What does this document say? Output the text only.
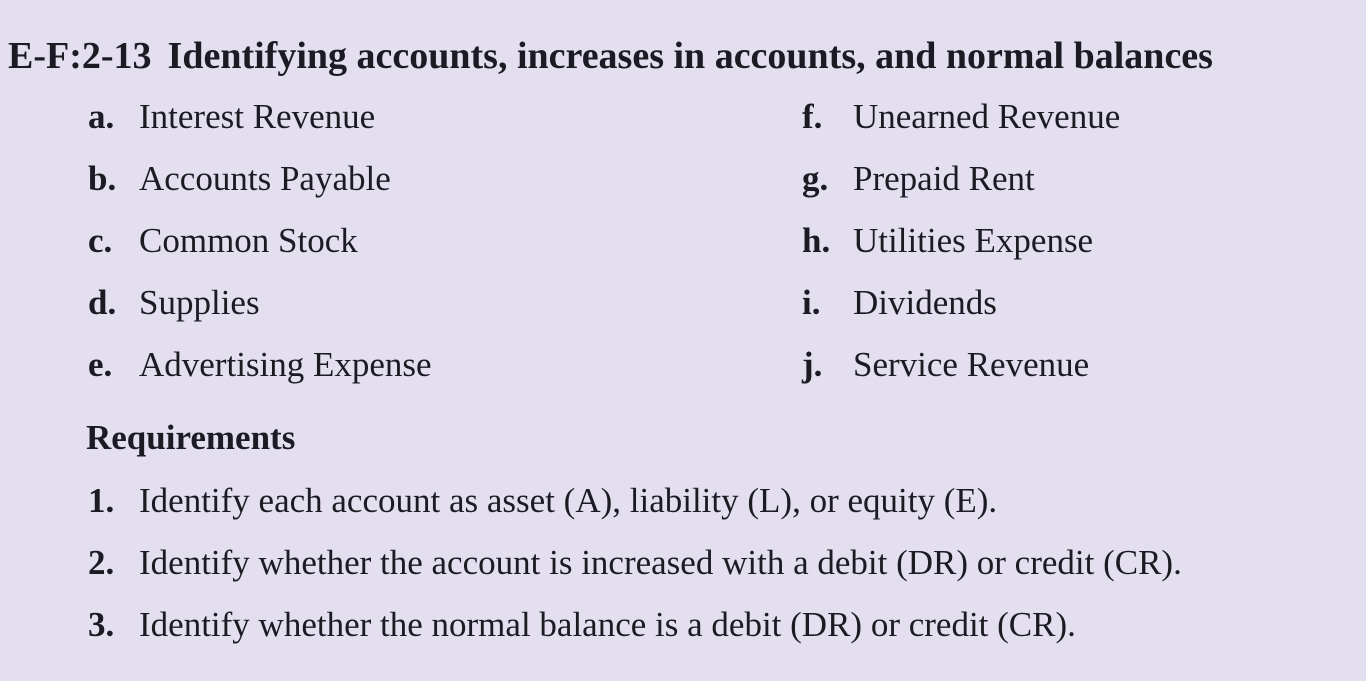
E-F:2-13 Identifying accounts, increases in accounts, and normal balances
a. Interest Revenue
b. Accounts Payable
c. Common Stock
d. Supplies
e. Advertising Expense
f. Unearned Revenue
g. Prepaid Rent
h. Utilities Expense
i. Dividends
j. Service Revenue
Requirements
1. Identify each account as asset (A), liability (L), or equity (E).
2. Identify whether the account is increased with a debit (DR) or credit (CR).
3. Identify whether the normal balance is a debit (DR) or credit (CR).
